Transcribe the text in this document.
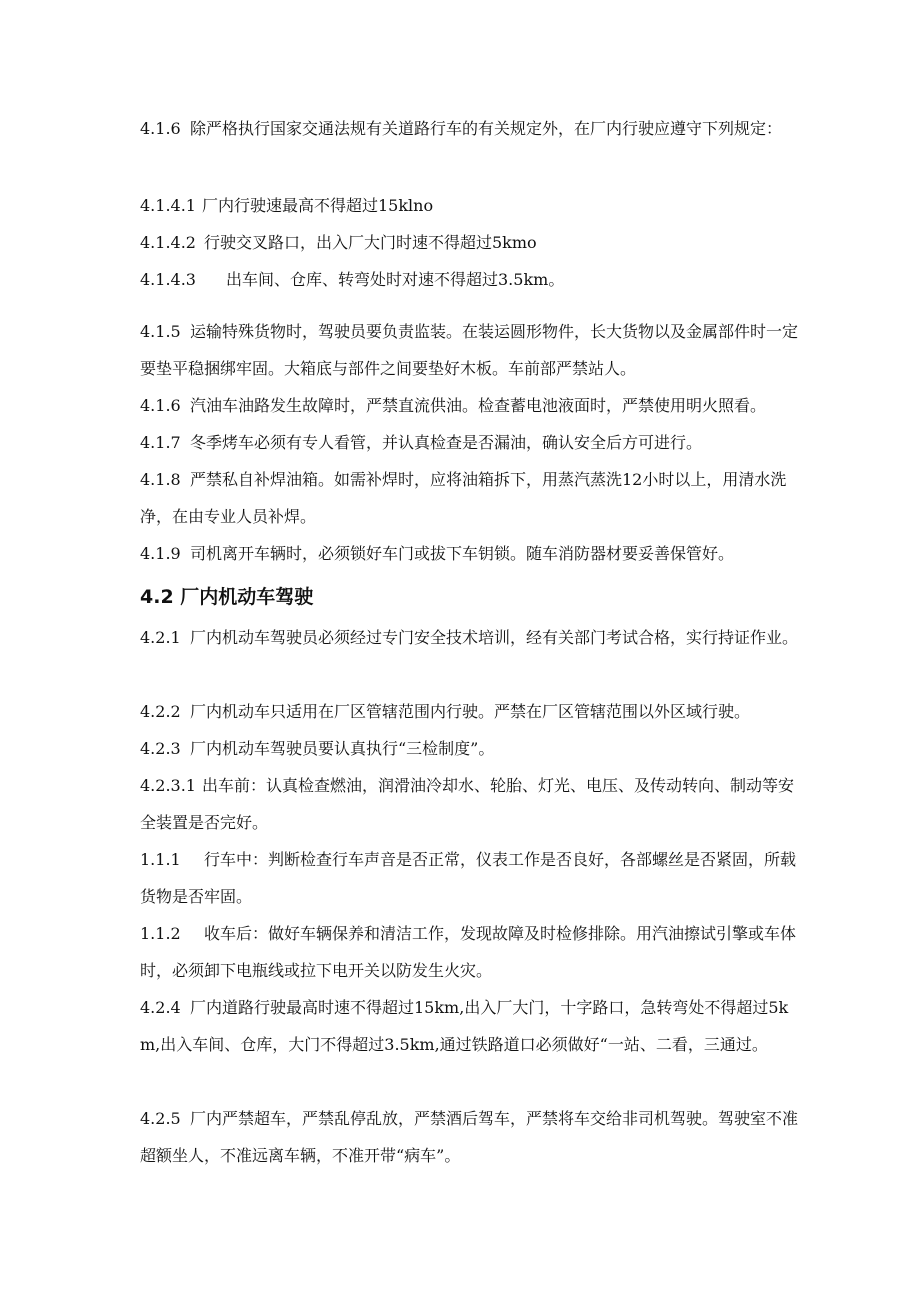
4.1.6 除严格执行国家交通法规有关道路行车的有关规定外，在厂内行驶应遵守下列规定：

4.1.4.1 厂内行驶速最高不得超过15klno

4.1.4.2 行驶交叉路口，出入厂大门时速不得超过5kmo

4.1.4.3 出车间、仓库、转弯处时对速不得超过3.5km。

4.1.5 运输特殊货物时，驾驶员要负责监装。在装运圆形物件，长大货物以及金属部件时一定要垫平稳捆绑牢固。大箱底与部件之间要垫好木板。车前部严禁站人。

4.1.6 汽油车油路发生故障时，严禁直流供油。检查蓄电池液面时，严禁使用明火照看。

4.1.7 冬季烤车必须有专人看管，并认真检查是否漏油，确认安全后方可进行。

4.1.8 严禁私自补焊油箱。如需补焊时，应将油箱拆下，用蒸汽蒸洗12小时以上，用清水洗净，在由专业人员补焊。

4.1.9 司机离开车辆时，必须锁好车门或拔下车钥锁。随车消防器材要妥善保管好。

4.2 厂内机动车驾驶

4.2.1 厂内机动车驾驶员必须经过专门安全技术培训，经有关部门考试合格，实行持证作业。

4.2.2 厂内机动车只适用在厂区管辖范围内行驶。严禁在厂区管辖范围以外区域行驶。

4.2.3 厂内机动车驾驶员要认真执行“三检制度”。

4.2.3.1 出车前：认真检查燃油，润滑油冷却水、轮胎、灯光、电压、及传动转向、制动等安全装置是否完好。

1.1.1 行车中：判断检查行车声音是否正常，仪表工作是否良好，各部螺丝是否紧固，所载货物是否牢固。

1.1.2 收车后：做好车辆保养和清洁工作，发现故障及时检修排除。用汽油擦试引擎或车体时，必须卸下电瓶线或拉下电开关以防发生火灾。

4.2.4 厂内道路行驶最高时速不得超过15km,出入厂大门，十字路口，急转弯处不得超过5km,出入车间、仓库，大门不得超过3.5km,通过铁路道口必须做好“一站、二看，三通过。

4.2.5 厂内严禁超车，严禁乱停乱放，严禁酒后驾车，严禁将车交给非司机驾驶。驾驶室不准超额坐人，不准远离车辆，不准开带“病车”。
